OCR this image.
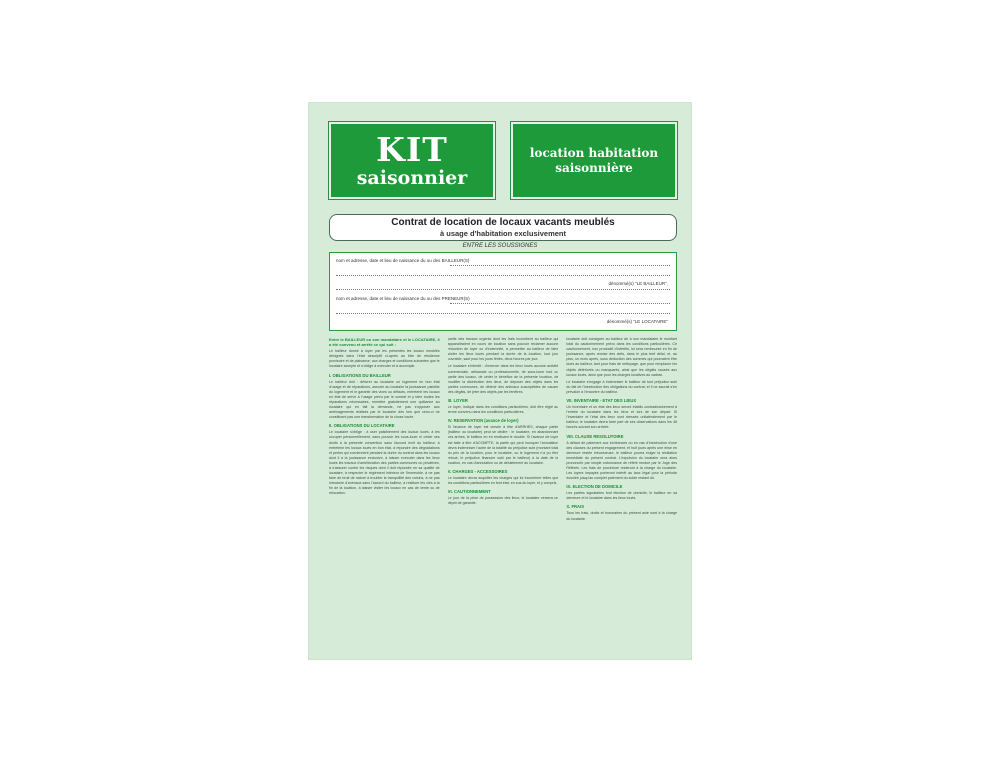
KIT
saisonnier
location habitation
saisonnière
Contrat de location de locaux vacants meublés
à usage d'habitation exclusivement
ENTRE LES SOUSSIGNES
nom et adresse, date et lieu de naissance du ou des BAILLEUR(S)
dénommé(s) "LE BAILLEUR",
nom et adresse, date et lieu de naissance du ou des PRENEUR(S)
dénommé(s) "LE LOCATAIRE"

Entre le BAILLEUR ou son mandataire et le LOCATAIRE, il a été convenu et arrêté ce qui suit :

Le bailleur donne à loyer par les présentes les locaux meublés désignés dans l'état descriptif ci-après au titre de résidence provisoire et de plaisance, aux charges et conditions suivantes que le locataire accepte et s'oblige à exécuter et à accomplir.

I. OBLIGATIONS DU BAILLEUR

Le bailleur doit : délivrer au locataire un logement en bon état d'usage et de réparations, assurer au locataire la jouissance paisible du logement et le garantir des vices ou défauts, entretenir les locaux en état de servir à l'usage prévu par le contrat et y faire toutes les réparations nécessaires, remettre gratuitement une quittance au locataire qui en fait la demande, ne pas s'opposer aux aménagements réalisés par le locataire dès lors que ceux-ci ne constituent pas une transformation de la chose louée.

II. OBLIGATIONS DU LOCATAIRE

Le locataire s'oblige : à user paisiblement des locaux loués, à les occuper personnellement, sans pouvoir les sous-louer ni céder ses droits à la présente convention sans l'accord écrit du bailleur, à entretenir les locaux loués en bon état, à répondre des dégradations et pertes qui surviennent pendant la durée du contrat dans les locaux dont il a la jouissance exclusive, à laisser exécuter dans les lieux loués les travaux d'amélioration des parties communes ou privatives, à s'assurer contre les risques dont il doit répondre en sa qualité de locataire, à respecter le règlement intérieur de l'immeuble, à ne pas faire de bruit de nature à troubler la tranquillité des voisins, à ne pas introduire d'animaux sans l'accord du bailleur, à restituer les clés à la fin de la location, à laisser visiter les locaux en cas de vente ou de relocation.

partie des travaux urgents dont les frais incombent au bailleur qui apparaîtraient en cours de location sans pouvoir réclamer aucune réduction de loyer ou d'indemnité, à permettre au bailleur de faire visiter les lieux loués pendant la durée de la location, tout jour ouvrable, sauf pour les jours fériés, deux heures par jour.

Le locataire s'interdit : d'exercer dans les lieux loués aucune activité commerciale, artisanale ou professionnelle, de sous-louer tout ou partie des locaux, de céder le bénéfice de la présente location, de modifier la distribution des lieux, de déposer des objets dans les parties communes, de détenir des animaux susceptibles de causer des dégâts, de jeter des objets par les fenêtres.

III. LOYER

Le loyer, indiqué dans les conditions particulières, doit être réglé au terme convenu dans les conditions particulières.

IV. RESERVATION (avance de loyer)

Si l'avance de loyer est versée à titre d'ARRHES, chaque partie (bailleur ou locataire) peut se dédire : le locataire, en abandonnant ces arrhes, le bailleur en en restituant le double. Si l'avance de loyer est faite à titre d'ACOMPTE, la partie qui peut invoquer l'annulation devra indemniser l'autre de la totalité du préjudice subi (montant total du prix de la location, pour le locataire, ou le logement n'a pu être reloué, le préjudice financier subi par le bailleur) à la date de la location, en cas d'annulation ou de désistement du locataire.

V. CHARGES - ACCESSOIRES

Le locataire devra acquitter les charges qui lui incombent telles que les conditions particulières en font état, en sus du loyer, et y compris.

VI. CAUTIONNEMENT

Le jour de la prise de possession des lieux, le locataire versera un dépôt de garantie.

locataire doit consigner au bailleur de à son mandataire le montant total du cautionnement prévu dans les conditions particulières. Ce cautionnement, non productif d'intérêts, lui sera remboursé en fin de jouissance, après remise des clefs, dans le plus bref délai, et, au plus, un mois après, sous déduction des sommes qui pourraient être dues au bailleur, tant pour frais de nettoyage, que pour remplacer les objets détériorés ou manquants, ainsi que les dégâts causés aux locaux loués, ainsi que pour les charges locatives au cadran.

Le locataire s'engage à indemniser le bailleur de tout préjudice subi du fait de l'inexécution des obligations du contrat, et il ne saurait s'en prévaloir à l'encontre du bailleur.

VII. INVENTAIRE - ETAT DES LIEUX

Un inventaire et un état des lieux seront établis contradictoirement à l'entrée du locataire dans les lieux et lors de son départ. Si l'inventaire et l'état des lieux sont dressés unilatéralement par le bailleur, le locataire devra faire part de ses observations dans les 48 heures suivant son arrivée.

VIII. CLAUSE RESOLUTOIRE

A défaut de paiement aux échéances ou en cas d'inexécution d'une des clauses du présent engagement, et huit jours après une mise en demeure restée infructueuse, le bailleur pourra exiger la résiliation immédiate du présent contrat. L'expulsion du locataire sera alors prononcée par simple ordonnance de référé rendue par le Juge des Référés. Les frais de procédure resteront à la charge du locataire. Les loyers impayés porteront intérêt au taux légal pour la période écoulée jusqu'au complet paiement du solde restant dû.

IX. ELECTION DE DOMICILE

Les parties signataires font élection de domicile, le bailleur en sa demeure et le locataire dans les lieux loués.

X. FRAIS

Tous les frais, droits et honoraires du présent acte sont à la charge du locataire.
